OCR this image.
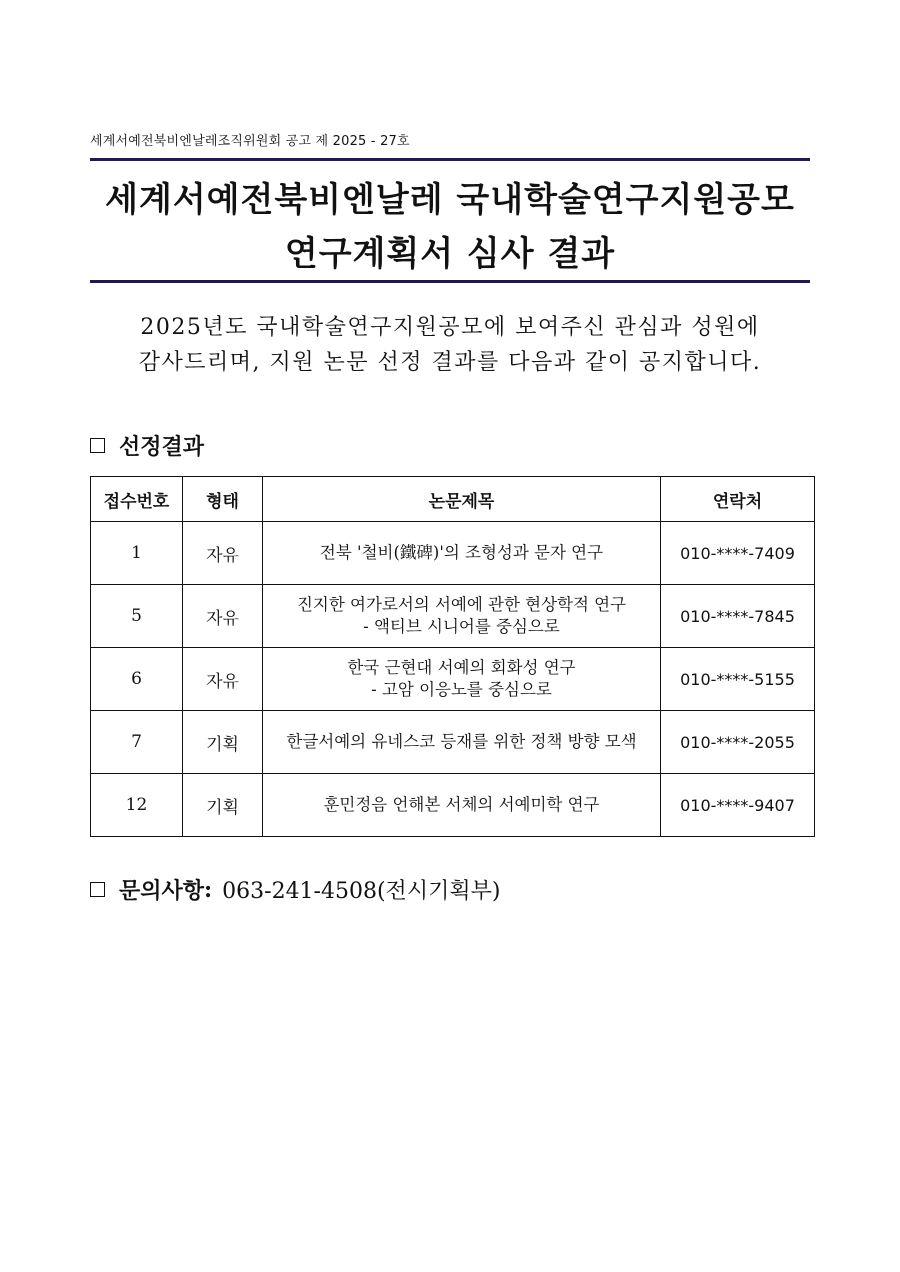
세계서예전북비엔날레조직위원회 공고 제 2025 - 27호
세계서예전북비엔날레 국내학술연구지원공모
연구계획서 심사 결과
2025년도 국내학술연구지원공모에 보여주신 관심과 성원에
감사드리며, 지원 논문 선정 결과를 다음과 같이 공지합니다.
선정결과
접수번호	형태	논문제목	연락처
1	자유	전북 '철비(鐵碑)'의 조형성과 문자 연구	010-****-7409
5	자유	진지한 여가로서의 서예에 관한 현상학적 연구
- 액티브 시니어를 중심으로	010-****-7845
6	자유	한국 근현대 서예의 회화성 연구
- 고암 이응노를 중심으로	010-****-5155
7	기획	한글서예의 유네스코 등재를 위한 정책 방향 모색	010-****-2055
12	기획	훈민정음 언해본 서체의 서예미학 연구	010-****-9407
문의사항 : 063-241-4508(전시기획부)
